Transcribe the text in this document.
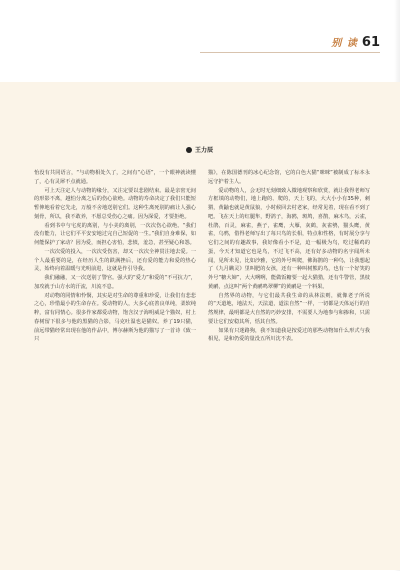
别 读 61
王力辰

怡没有共同语言，“与动物相处久了，之间有“心语”，一个眼神就读懂了，心有灵犀不点就通。

可上天注定人与动物的缘分，又注定要以悲剧结束。最是亲密无间的形影不离，越怕分离之后的伤心欲绝。动物的寿命决定了我们只能短暂伸地看着它先走，万般不舍地送别它们。这种生离死别的痛让人强心刻骨，所以，我不敢养，不愿总受伤心之痛。因为深爱，才要拒绝。

看到书中与宅虎的离别，与小美的离别，一次次伤心欲绝。“我们没有能力，让它们平平安安地过完自己短促的一生。”我们自身难保，如何能保护了家动？因为爱，而担心害怕，悲愤，羞急，甚至疑心和怨。

一次次爱的投入，一次次受伤害，却又一次次全神贯注地去爱。一个人最重要的是，在经历人生的跌满挫后，还有爱的能力和爱的热心灵，始终向着温暖与光明前进，这就是作引导我。

我们融融，又一次送别了警官。强大的“爱力”和爱的“不可抗力”，加攻就于山方水的汗流，川流不息。

对动物的同情和怜悯，其实是对生命的尊重和珍爱，让我们有悲悲之心，珍惜最小的生命存在。爱动物的人，大多心底善良单纯，柔软纯粹，富有同情心。很多作家都爱动物，饱含汉子海明威是个猫奴，村上春树留下很多与他的黑猫的合影，马克吐温也是猫奴。养了19只猫，前远带猫经常出现在他的作品中，博尔赫斯为他的猫写了一首诗《致一只

猫》，在陈国德刊的冰心纪念馆，它的白色大猫“咪咪”被制成了标本永远守护着主人。

爱动物的人，会无时无刻细致入微地观察和欣赏，就让我得老师写方框填的动物们，地上跑的、爬的，天上飞的，大大小小有35种，刺猬，黄鼬也就是黄鼠狼，小时候回去村老家，经常见着，现在看不到了吧。飞在天上的红腿隼，野鸽子，海鸥，斑鸠，喜鹊，麻木鸟，云雀，杜鹃，百灵，麻雀，燕子，雀鹰，大雁，灰鹤，灰雀鸲，猫头鹰，黄雀，乌鸦，借得老师写出了每只鸟的长相，特点和性格，有时展分享与它们之间的有趣故事，我好像看小不是，迫一幅极为鸟，吃过稀鸡的蛋，今天才知道它也是鸟，不过飞不高，还有好多动物的名字闻所未闻，见所未见，比如沙雅，它的外号叫爬，佛海鹊的一种鸟，让我想起了《九月瞒灵》里叫肥的女孩，还有一种叫树熊的鸟，也有一个好笑的外号“糖大婶”，大大咧咧，能做饭糖要一起大猫猎，还有牛警管，黑枝黄鹂，点这叫“两个黄鹂鸣翠柳”的黄鹂是一个料果。

自然界的动物，与它们最共我生命的从林法则，就像老子所说的“天道地，地法天，天法道，道法自然”一样，一切都是天体运行的自然规律，最明都是大自然的巧妙安排，不需要人为地参与和掺和，只需要让它们安稳其所，恬其自然。

如果有只迷路狗，我不知道我是按爱过的那些动物如什么形式与我相见，是和仍爱的量没五所川沈不表。
